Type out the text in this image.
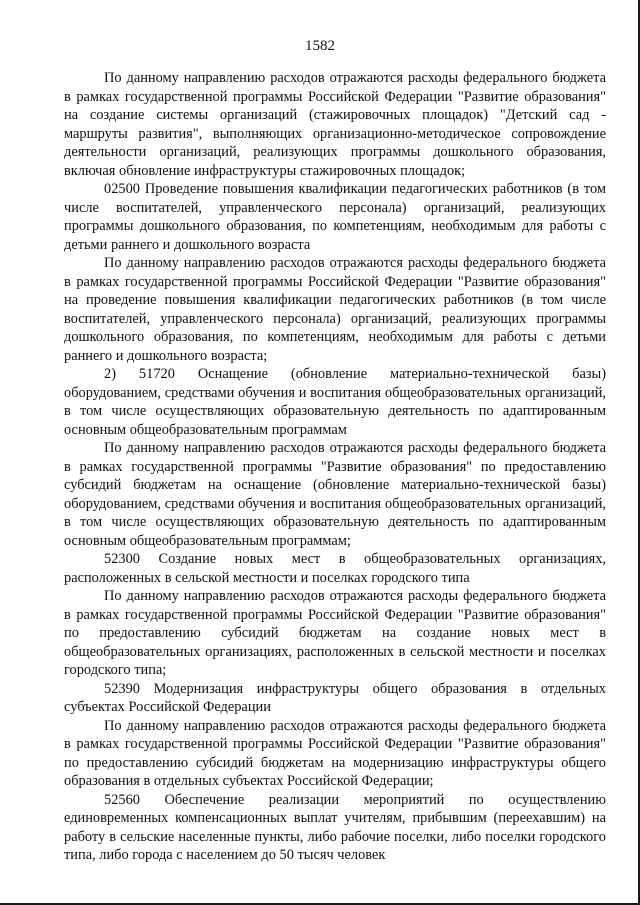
1582

По данному направлению расходов отражаются расходы федерального бюджета в рамках государственной программы Российской Федерации "Развитие образования" на создание системы организаций (стажировочных площадок) "Детский сад - маршруты развития", выполняющих организационно-методическое сопровождение деятельности организаций, реализующих программы дошкольного образования, включая обновление инфраструктуры стажировочных площадок;

02500 Проведение повышения квалификации педагогических работников (в том числе воспитателей, управленческого персонала) организаций, реализующих программы дошкольного образования, по компетенциям, необходимым для работы с детьми раннего и дошкольного возраста

По данному направлению расходов отражаются расходы федерального бюджета в рамках государственной программы Российской Федерации "Развитие образования" на проведение повышения квалификации педагогических работников (в том числе воспитателей, управленческого персонала) организаций, реализующих программы дошкольного образования, по компетенциям, необходимым для работы с детьми раннего и дошкольного возраста;

2) 51720 Оснащение (обновление материально-технической базы) оборудованием, средствами обучения и воспитания общеобразовательных организаций, в том числе осуществляющих образовательную деятельность по адаптированным основным общеобразовательным программам

По данному направлению расходов отражаются расходы федерального бюджета в рамках государственной программы "Развитие образования" по предоставлению субсидий бюджетам на оснащение (обновление материально-технической базы) оборудованием, средствами обучения и воспитания общеобразовательных организаций, в том числе осуществляющих образовательную деятельность по адаптированным основным общеобразовательным программам;

52300 Создание новых мест в общеобразовательных организациях, расположенных в сельской местности и поселках городского типа

По данному направлению расходов отражаются расходы федерального бюджета в рамках государственной программы Российской Федерации "Развитие образования" по предоставлению субсидий бюджетам на создание новых мест в общеобразовательных организациях, расположенных в сельской местности и поселках городского типа;

52390 Модернизация инфраструктуры общего образования в отдельных субъектах Российской Федерации

По данному направлению расходов отражаются расходы федерального бюджета в рамках государственной программы Российской Федерации "Развитие образования" по предоставлению субсидий бюджетам на модернизацию инфраструктуры общего образования в отдельных субъектах Российской Федерации;

52560 Обеспечение реализации мероприятий по осуществлению единовременных компенсационных выплат учителям, прибывшим (переехавшим) на работу в сельские населенные пункты, либо рабочие поселки, либо поселки городского типа, либо города с населением до 50 тысяч человек
